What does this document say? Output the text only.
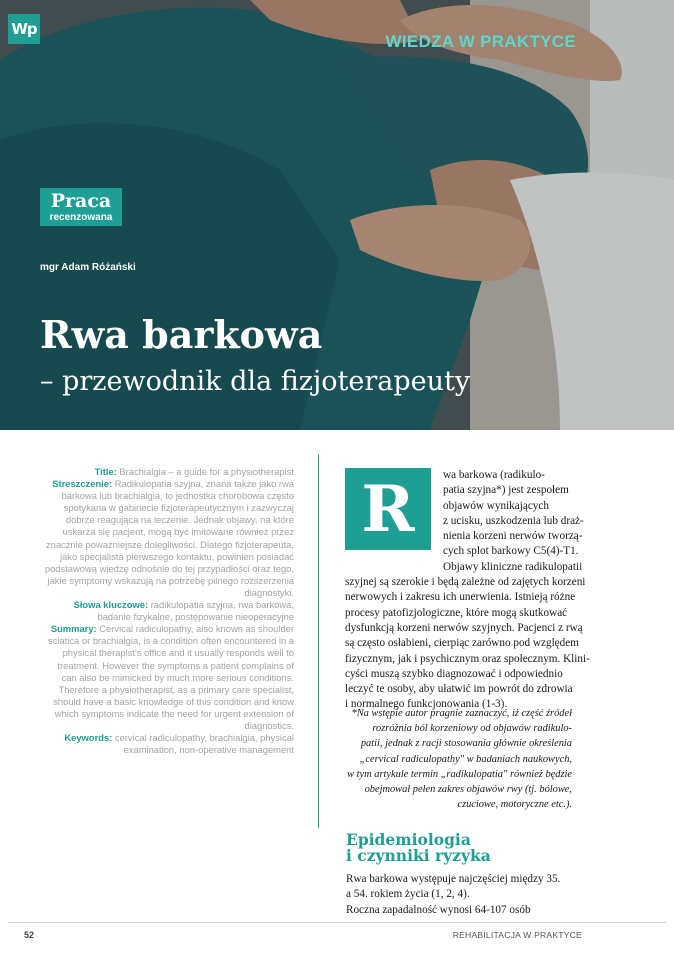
Wp
WIEDZA W PRAKTYCE
Praca
recenzowana
mgr Adam Różański
Rwa barkowa
– przewodnik dla fizjoterapeuty

Title: Brachialgia – a guide for a physiotherapist

Streszczenie: Radikulopatia szyjna, znana także jako rwa barkowa lub brachialgia, to jednostka chorobowa często spotykana w gabinecie fizjoterapeutycznym i zazwyczaj dobrze reagująca na leczenie. Jednak objawy, na które uskarża się pacjent, mogą być imitowane również przez znacznie poważniejsze dolegliwości. Dlatego fizjoterapeuta, jako specjalista pierwszego kontaktu, powinien posiadać podstawową wiedzę odnośnie do tej przypadłości oraz tego, jakie symptomy wskazują na potrzebę pilnego rozszerzenia diagnostyki.

Słowa kluczowe: radikulopatia szyjna, rwa barkowa, badanie fizykalne, postępowanie nieoperacyjne

Summary: Cervical radiculopathy, also known as shoulder sciatica or brachialgia, is a condition often encountered in a physical therapist's office and it usually responds well to treatment. However the symptoms a patient complains of can also be mimicked by much more serious conditions. Therefore a physiotherapist, as a primary care specialist, should have a basic knowledge of this condition and know which symptoms indicate the need for urgent extension of diagnostics.

Keywords: cervical radiculopathy, brachialgia, physical examination, non-operative management

R	wa barkowa (radikulo-
patia szyjna*) jest zespołem
objawów wynikających
z ucisku, uszkodzenia lub draż-
nienia korzeni nerwów tworzą-
cych splot barkowy C5(4)-T1.
Objawy kliniczne radikulopatii
szyjnej są szerokie i będą zależne od zajętych korzeni
nerwowych i zakresu ich unerwienia. Istnieją różne
procesy patofizjologiczne, które mogą skutkować
dysfunkcją korzeni nerwów szyjnych. Pacjenci z rwą
są często osłabieni, cierpiąc zarówno pod względem
fizycznym, jak i psychicznym oraz społecznym. Klini-
cyści muszą szybko diagnozować i odpowiednio
leczyć te osoby, aby ułatwić im powrót do zdrowia
i normalnego funkcjonowania (1-3).
*Na wstępie autor pragnie zaznaczyć, iż część źródeł
rozróżnia ból korzeniowy od objawów radikulo-
patii, jednak z racji stosowania głównie określenia
„cervical radiculopathy" w badaniach naukowych,
w tym artykule termin „radikulopatia" również będzie
obejmował pełen zakres objawów rwy (tj. bólowe,
czuciowe, motoryczne etc.).
Epidemiologia
i czynniki ryzyka
Rwa barkowa występuje najczęściej między 35.
a 54. rokiem życia (1, 2, 4).
Roczna zapadalność wynosi 64-107 osób
52	REHABILITACJA W PRAKTYCE
